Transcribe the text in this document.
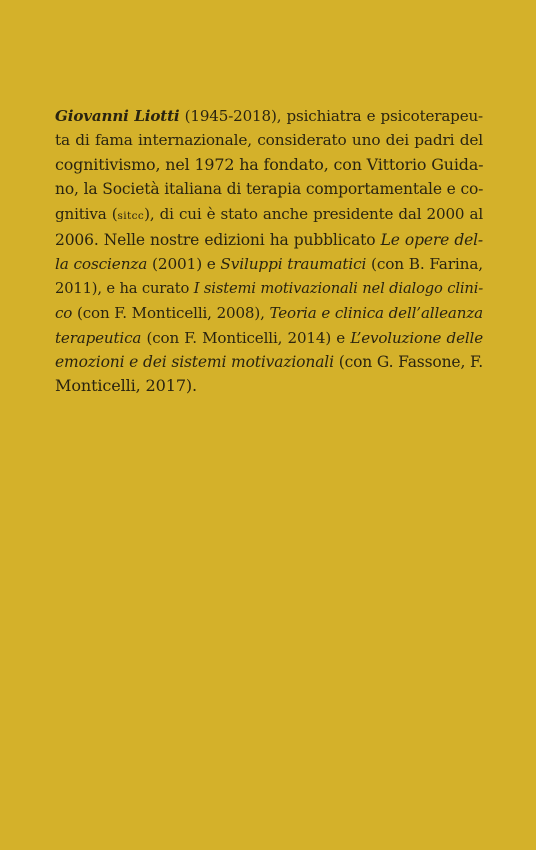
Giovanni Liotti (1945-2018), psichiatra e psicoterapeu-
ta di fama internazionale, considerato uno dei padri del
cognitivismo, nel 1972 ha fondato, con Vittorio Guida-
no, la Società italiana di terapia comportamentale e co-
gnitiva (sitcc), di cui è stato anche presidente dal 2000 al
2006. Nelle nostre edizioni ha pubblicato Le opere del-
la coscienza (2001) e Sviluppi traumatici (con B. Farina,
2011), e ha curato I sistemi motivazionali nel dialogo clini-
co (con F. Monticelli, 2008), Teoria e clinica dell’alleanza
terapeutica (con F. Monticelli, 2014) e L’evoluzione delle
emozioni e dei sistemi motivazionali (con G. Fassone, F.
Monticelli, 2017).
